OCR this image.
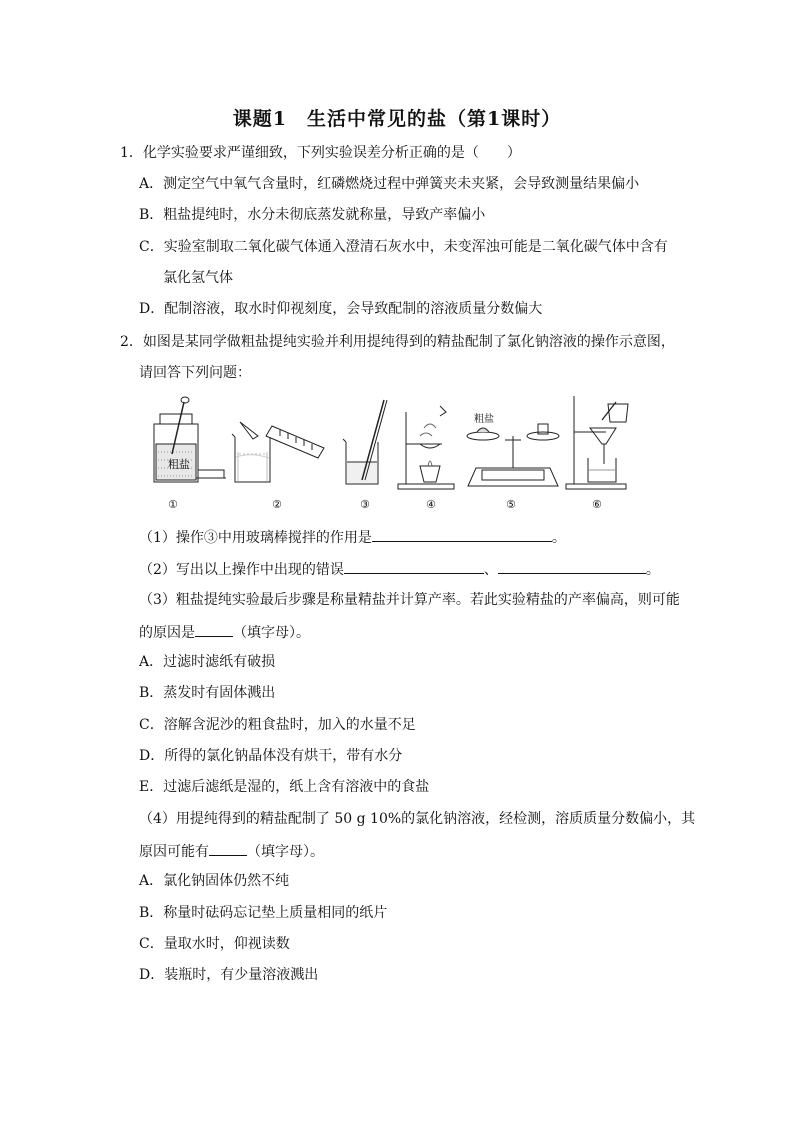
课题1　生活中常见的盐（第1课时）
1．化学实验要求严谨细致，下列实验误差分析正确的是（　　）
A．测定空气中氧气含量时，红磷燃烧过程中弹簧夹未夹紧，会导致测量结果偏小
B．粗盐提纯时，水分未彻底蒸发就称量，导致产率偏小
C．实验室制取二氧化碳气体通入澄清石灰水中，未变浑浊可能是二氧化碳气体中含有
氯化氢气体
D．配制溶液，取水时仰视刻度，会导致配制的溶液质量分数偏大
2．如图是某同学做粗盐提纯实验并利用提纯得到的精盐配制了氯化钠溶液的操作示意图，
请回答下列问题：
粗盐
①	②	③	④
粗盐
⑤	⑥
（1）操作③中用玻璃棒搅拌的作用是	。
（2）写出以上操作中出现的错误	、	。
（3）粗盐提纯实验最后步骤是称量精盐并计算产率。若此实验精盐的产率偏高，则可能
的原因是	（填字母）。
A．过滤时滤纸有破损
B．蒸发时有固体溅出
C．溶解含泥沙的粗食盐时，加入的水量不足
D．所得的氯化钠晶体没有烘干，带有水分
E．过滤后滤纸是湿的，纸上含有溶液中的食盐
（4）用提纯得到的精盐配制了 50 g 10%的氯化钠溶液，经检测，溶质质量分数偏小，其
原因可能有	（填字母）。
A．氯化钠固体仍然不纯
B．称量时砝码忘记垫上质量相同的纸片
C．量取水时，仰视读数
D．装瓶时，有少量溶液溅出
